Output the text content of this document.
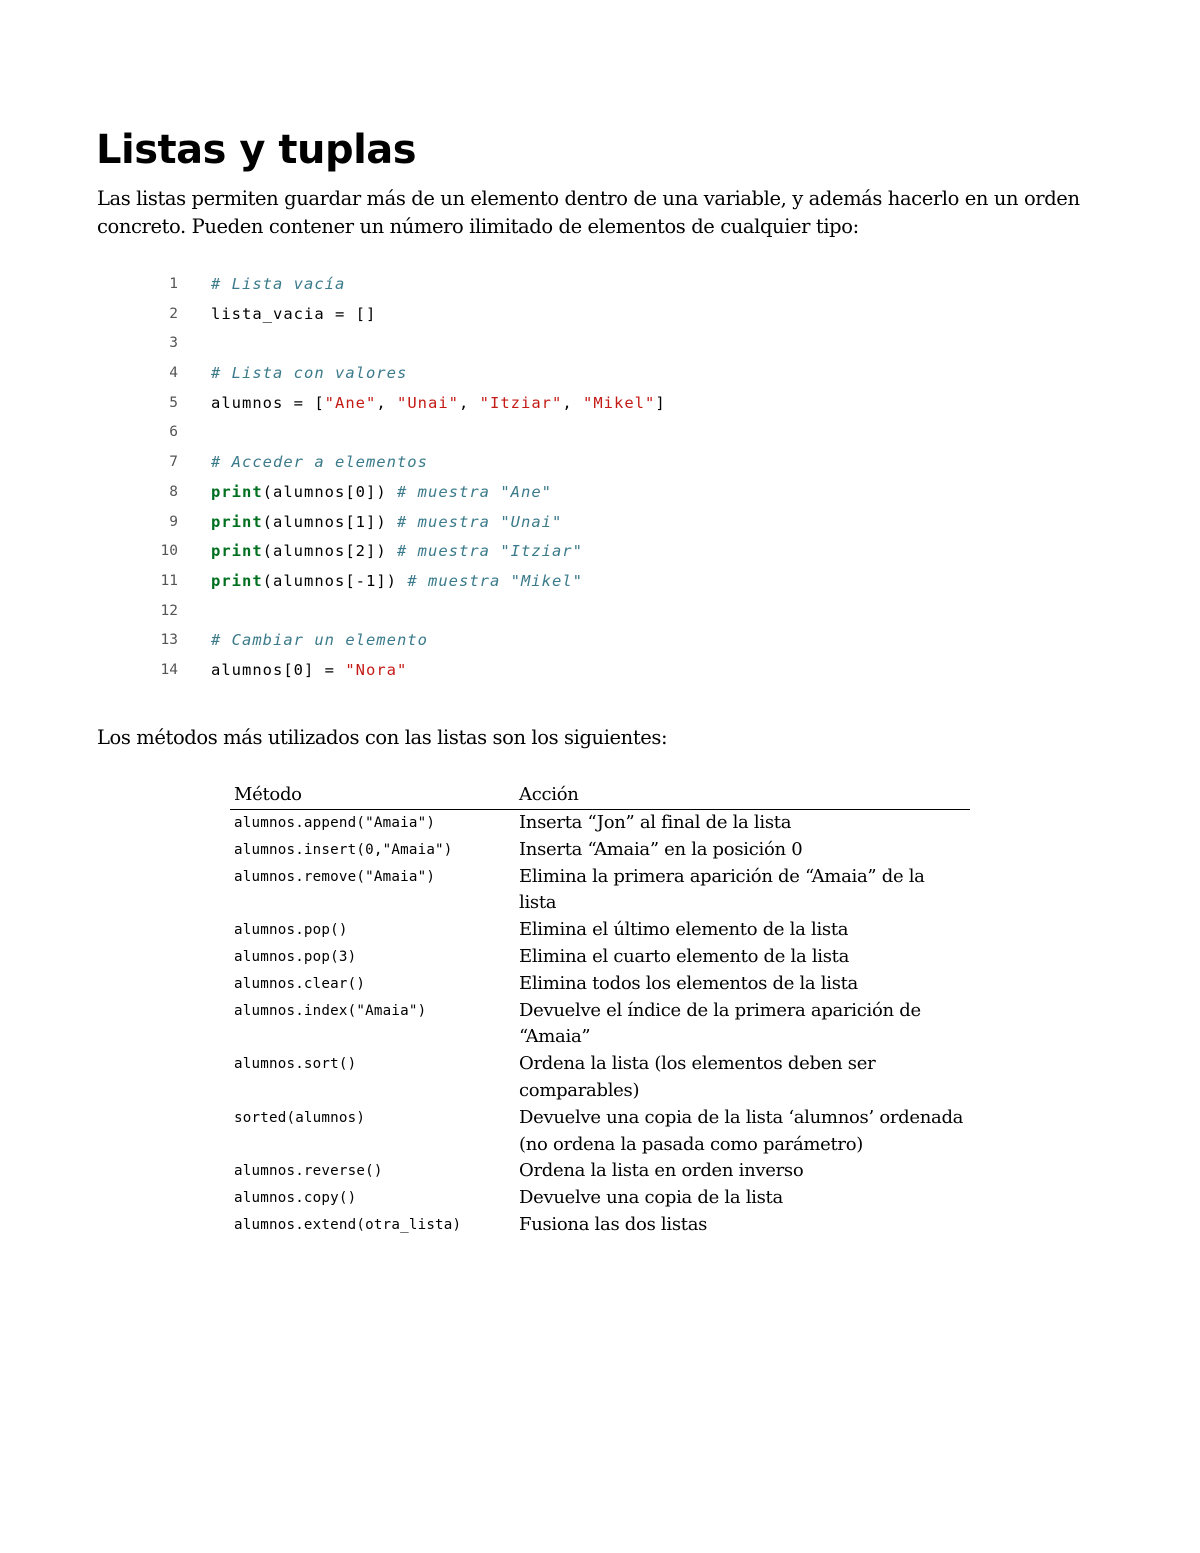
Listas y tuplas

Las listas permiten guardar más de un elemento dentro de una variable, y además hacerlo en un orden concreto. Pueden contener un número ilimitado de elementos de cualquier tipo:

1 # Lista vacía
2 lista_vacia = []
3
4 # Lista con valores
5 alumnos = ["Ane", "Unai", "Itziar", "Mikel"]
6
7 # Acceder a elementos
8 print(alumnos[0]) # muestra "Ane"
9 print(alumnos[1]) # muestra "Unai"
10 print(alumnos[2]) # muestra "Itziar"
11 print(alumnos[-1]) # muestra "Mikel"
12
13 # Cambiar un elemento
14 alumnos[0] = "Nora"

Los métodos más utilizados con las listas son los siguientes:

Método	Acción
alumnos.append("Amaia")	Inserta “Jon” al final de la lista
alumnos.insert(0,"Amaia")	Inserta “Amaia” en la posición 0
alumnos.remove("Amaia")	Elimina la primera aparición de “Amaia” de la lista
alumnos.pop()	Elimina el último elemento de la lista
alumnos.pop(3)	Elimina el cuarto elemento de la lista
alumnos.clear()	Elimina todos los elementos de la lista
alumnos.index("Amaia")	Devuelve el índice de la primera aparición de “Amaia”
alumnos.sort()	Ordena la lista (los elementos deben ser comparables)
sorted(alumnos)	Devuelve una copia de la lista ‘alumnos’ ordenada (no ordena la pasada como parámetro)
alumnos.reverse()	Ordena la lista en orden inverso
alumnos.copy()	Devuelve una copia de la lista
alumnos.extend(otra_lista)	Fusiona las dos listas
